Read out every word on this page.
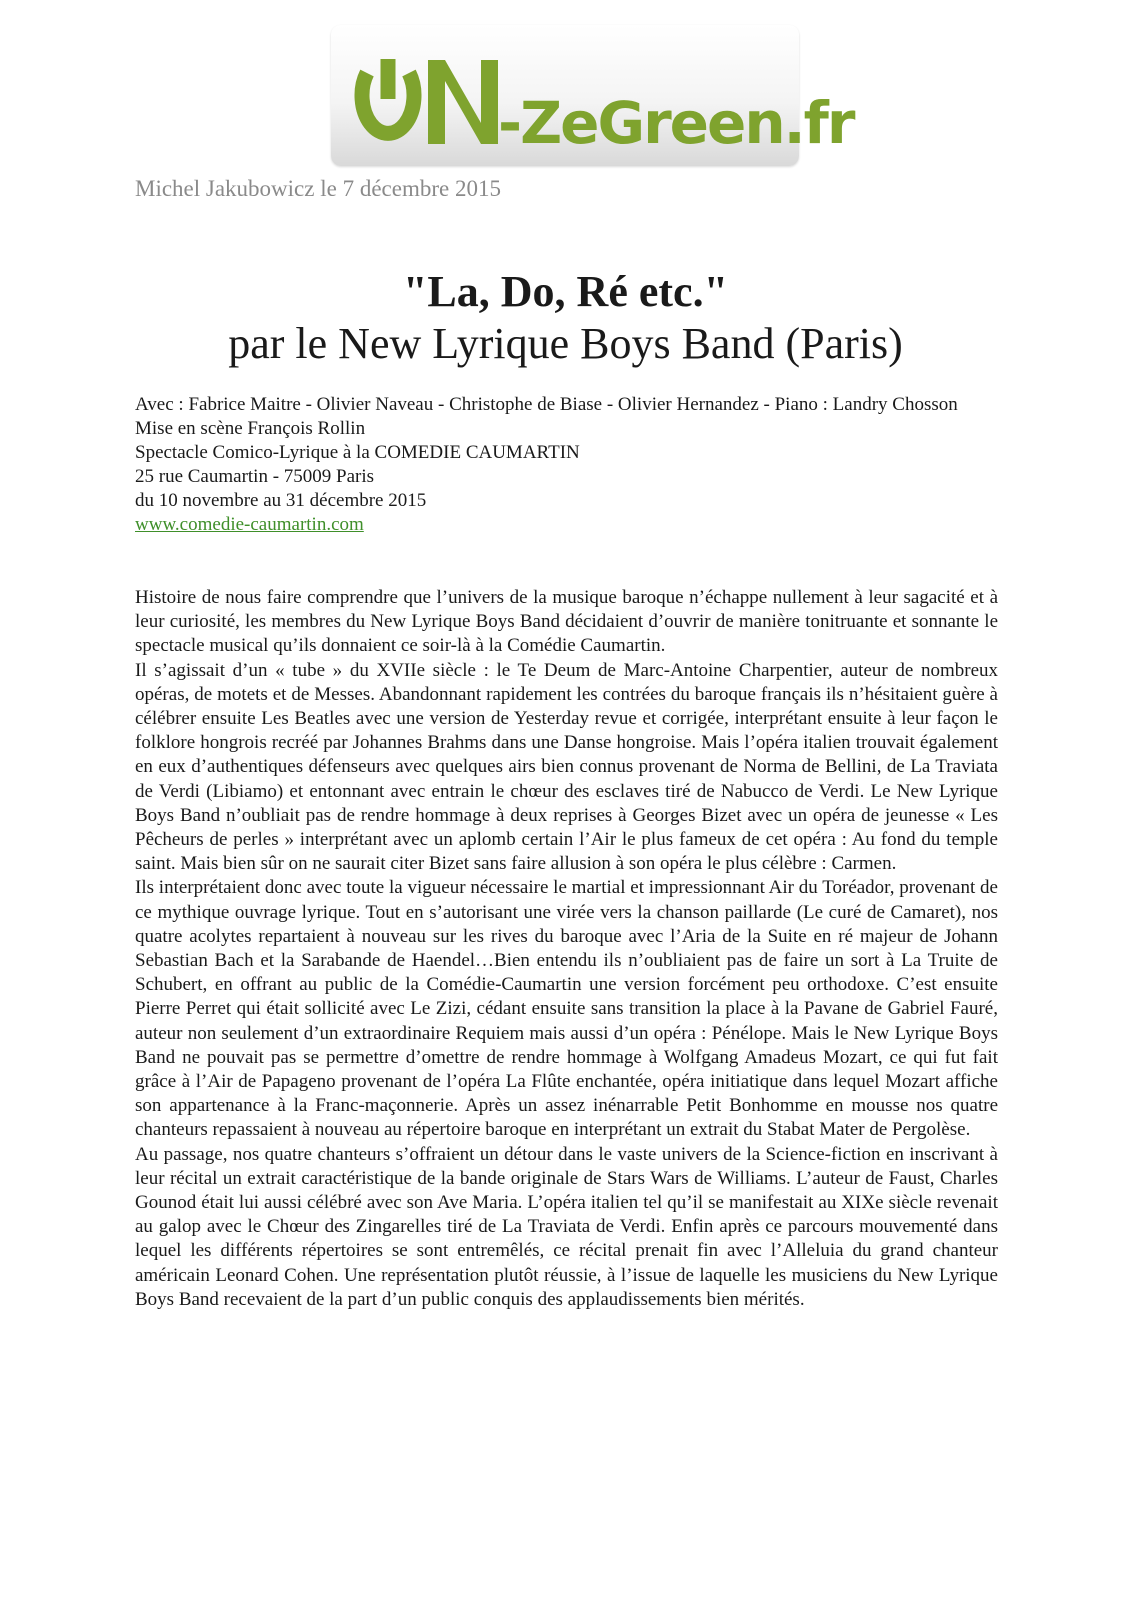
-ZeGreen.fr
Michel Jakubowicz le 7 décembre 2015
"La, Do, Ré etc."
par le New Lyrique Boys Band (Paris)
Avec : Fabrice Maitre - Olivier Naveau - Christophe de Biase - Olivier Hernandez - Piano : Landry Chosson
Mise en scène François Rollin
Spectacle Comico-Lyrique à la COMEDIE CAUMARTIN
25 rue Caumartin - 75009 Paris
du 10 novembre au 31 décembre 2015
www.comedie-caumartin.com

Histoire de nous faire comprendre que l’univers de la musique baroque n’échappe nullement à leur sagacité et à leur curiosité, les membres du New Lyrique Boys Band décidaient d’ouvrir de manière tonitruante et sonnante le spectacle musical qu’ils donnaient ce soir-là à la Comédie Caumartin.

Il s’agissait d’un « tube » du XVIIe siècle : le Te Deum de Marc-Antoine Charpentier, auteur de nombreux opéras, de motets et de Messes. Abandonnant rapidement les contrées du baroque français ils n’hésitaient guère à célébrer ensuite Les Beatles avec une version de Yesterday revue et corrigée, interprétant ensuite à leur façon le folklore hongrois recréé par Johannes Brahms dans une Danse hongroise. Mais l’opéra italien trouvait également en eux d’authentiques défenseurs avec quelques airs bien connus provenant de Norma de Bellini, de La Traviata de Verdi (Libiamo) et entonnant avec entrain le chœur des esclaves tiré de Nabucco de Verdi. Le New Lyrique Boys Band n’oubliait pas de rendre hommage à deux reprises à Georges Bizet avec un opéra de jeunesse « Les Pêcheurs de perles » interprétant avec un aplomb certain l’Air le plus fameux de cet opéra : Au fond du temple saint. Mais bien sûr on ne saurait citer Bizet sans faire allusion à son opéra le plus célèbre : Carmen.

Ils interprétaient donc avec toute la vigueur nécessaire le martial et impressionnant Air du Toréador, provenant de ce mythique ouvrage lyrique. Tout en s’autorisant une virée vers la chanson paillarde (Le curé de Camaret), nos quatre acolytes repartaient à nouveau sur les rives du baroque avec l’Aria de la Suite en ré majeur de Johann Sebastian Bach et la Sarabande de Haendel…Bien entendu ils n’oubliaient pas de faire un sort à La Truite de Schubert, en offrant au public de la Comédie-Caumartin une version forcément peu orthodoxe. C’est ensuite Pierre Perret qui était sollicité avec Le Zizi, cédant ensuite sans transition la place à la Pavane de Gabriel Fauré, auteur non seulement d’un extraordinaire Requiem mais aussi d’un opéra : Pénélope. Mais le New Lyrique Boys Band ne pouvait pas se permettre d’omettre de rendre hommage à Wolfgang Amadeus Mozart, ce qui fut fait grâce à l’Air de Papageno provenant de l’opéra La Flûte enchantée, opéra initiatique dans lequel Mozart affiche son appartenance à la Franc-maçonnerie. Après un assez inénarrable Petit Bonhomme en mousse nos quatre chanteurs repassaient à nouveau au répertoire baroque en interprétant un extrait du Stabat Mater de Pergolèse.

Au passage, nos quatre chanteurs s’offraient un détour dans le vaste univers de la Science-fiction en inscrivant à leur récital un extrait caractéristique de la bande originale de Stars Wars de Williams. L’auteur de Faust, Charles Gounod était lui aussi célébré avec son Ave Maria. L’opéra italien tel qu’il se manifestait au XIXe siècle revenait au galop avec le Chœur des Zingarelles tiré de La Traviata de Verdi. Enfin après ce parcours mouvementé dans lequel les différents répertoires se sont entremêlés, ce récital prenait fin avec l’Alleluia du grand chanteur américain Leonard Cohen. Une représentation plutôt réussie, à l’issue de laquelle les musiciens du New Lyrique Boys Band recevaient de la part d’un public conquis des applaudissements bien mérités.
